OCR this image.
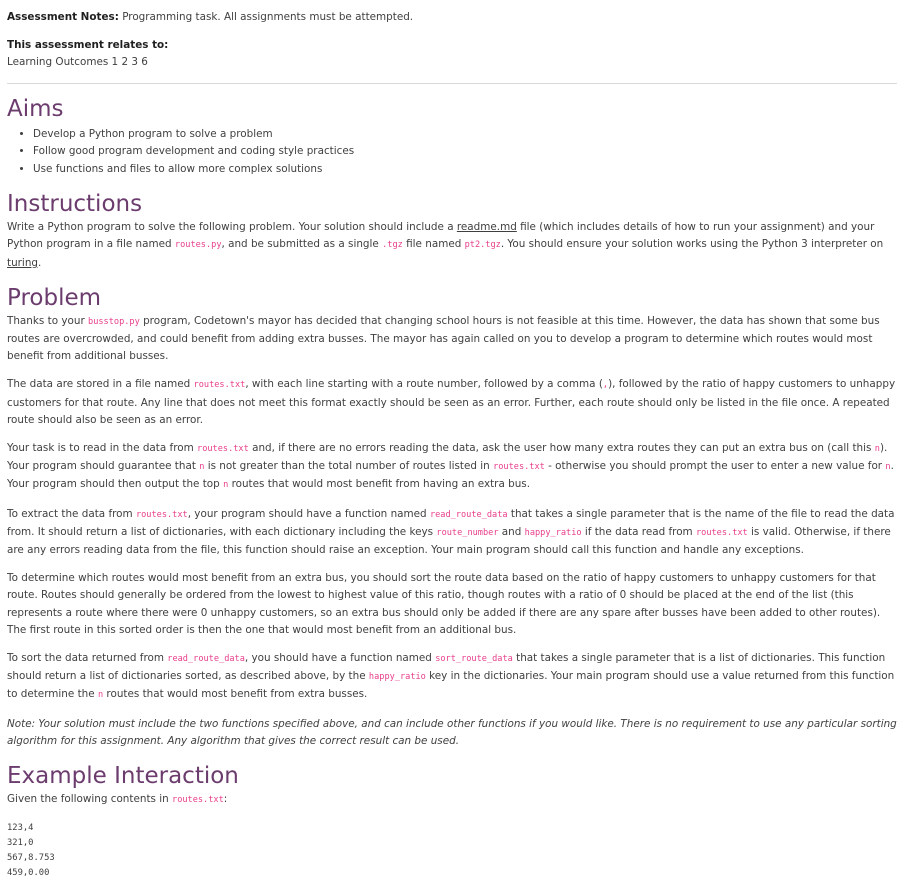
Assessment Notes: Programming task. All assignments must be attempted.
This assessment relates to:
Learning Outcomes 1 2 3 6
Aims
• Develop a Python program to solve a problem
• Follow good program development and coding style practices
• Use functions and files to allow more complex solutions
Instructions

Write a Python program to solve the following problem. Your solution should include a readme.md file (which includes details of how to run your assignment) and your Python program in a file named routes.py, and be submitted as a single .tgz file named pt2.tgz. You should ensure your solution works using the Python 3 interpreter on turing.

Problem

Thanks to your busstop.py program, Codetown's mayor has decided that changing school hours is not feasible at this time. However, the data has shown that some bus routes are overcrowded, and could benefit from adding extra busses. The mayor has again called on you to develop a program to determine which routes would most benefit from additional busses.

The data are stored in a file named routes.txt, with each line starting with a route number, followed by a comma (,), followed by the ratio of happy customers to unhappy customers for that route. Any line that does not meet this format exactly should be seen as an error. Further, each route should only be listed in the file once. A repeated route should also be seen as an error.

Your task is to read in the data from routes.txt and, if there are no errors reading the data, ask the user how many extra routes they can put an extra bus on (call this n). Your program should guarantee that n is not greater than the total number of routes listed in routes.txt - otherwise you should prompt the user to enter a new value for n. Your program should then output the top n routes that would most benefit from having an extra bus.

To extract the data from routes.txt, your program should have a function named read_route_data that takes a single parameter that is the name of the file to read the data from. It should return a list of dictionaries, with each dictionary including the keys route_number and happy_ratio if the data read from routes.txt is valid. Otherwise, if there are any errors reading data from the file, this function should raise an exception. Your main program should call this function and handle any exceptions.

To determine which routes would most benefit from an extra bus, you should sort the route data based on the ratio of happy customers to unhappy customers for that route. Routes should generally be ordered from the lowest to highest value of this ratio, though routes with a ratio of 0 should be placed at the end of the list (this represents a route where there were 0 unhappy customers, so an extra bus should only be added if there are any spare after busses have been added to other routes). The first route in this sorted order is then the one that would most benefit from an additional bus.

To sort the data returned from read_route_data, you should have a function named sort_route_data that takes a single parameter that is a list of dictionaries. This function should return a list of dictionaries sorted, as described above, by the happy_ratio key in the dictionaries. Your main program should use a value returned from this function to determine the n routes that would most benefit from extra busses.

Note: Your solution must include the two functions specified above, and can include other functions if you would like. There is no requirement to use any particular sorting algorithm for this assignment. Any algorithm that gives the correct result can be used.

Example Interaction

Given the following contents in routes.txt:

123,4
321,0
567,8.753
459,0.00
